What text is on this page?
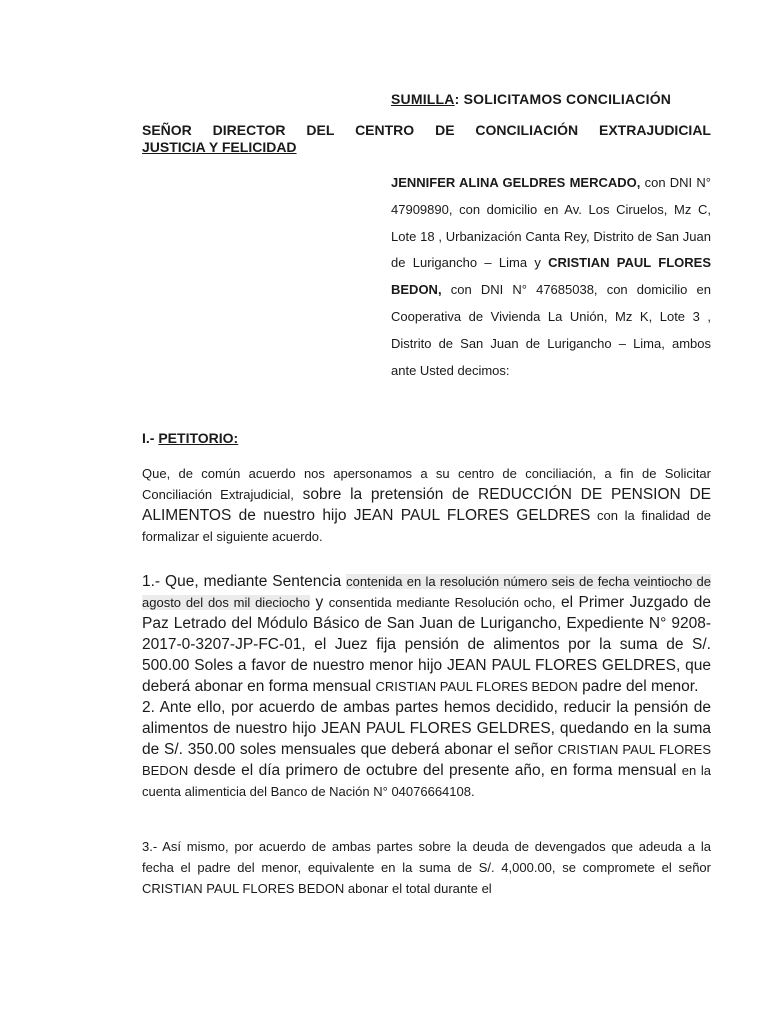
SUMILLA: SOLICITAMOS CONCILIACIÓN
SEÑOR DIRECTOR DEL CENTRO DE CONCILIACIÓN EXTRAJUDICIAL
JUSTICIA Y FELICIDAD
JENNIFER ALINA GELDRES MERCADO, con DNI N° 47909890, con domicilio en Av. Los Ciruelos, Mz C, Lote 18 , Urbanización Canta Rey, Distrito de San Juan de Lurigancho – Lima y CRISTIAN PAUL FLORES BEDON, con DNI N° 47685038, con domicilio en Cooperativa de Vivienda La Unión, Mz K, Lote 3 , Distrito de San Juan de Lurigancho – Lima, ambos ante Usted decimos:
I.- PETITORIO:
Que, de común acuerdo nos apersonamos a su centro de conciliación, a fin de Solicitar Conciliación Extrajudicial, sobre la pretensión de REDUCCIÓN DE PENSION DE ALIMENTOS de nuestro hijo JEAN PAUL FLORES GELDRES con la finalidad de formalizar el siguiente acuerdo.
1.- Que, mediante Sentencia contenida en la resolución número seis de fecha veintiocho de agosto del dos mil dieciocho y consentida mediante Resolución ocho, el Primer Juzgado de Paz Letrado del Módulo Básico de San Juan de Lurigancho, Expediente N° 9208-2017-0-3207-JP-FC-01, el Juez fija pensión de alimentos por la suma de S/. 500.00 Soles a favor de nuestro menor hijo JEAN PAUL FLORES GELDRES, que deberá abonar en forma mensual CRISTIAN PAUL FLORES BEDON padre del menor.
2. Ante ello, por acuerdo de ambas partes hemos decidido, reducir la pensión de alimentos de nuestro hijo JEAN PAUL FLORES GELDRES, quedando en la suma de S/. 350.00 soles mensuales que deberá abonar el señor CRISTIAN PAUL FLORES BEDON desde el día primero de octubre del presente año, en forma mensual en la cuenta alimenticia del Banco de Nación N° 04076664108.
3.- Así mismo, por acuerdo de ambas partes sobre la deuda de devengados que adeuda a la fecha el padre del menor, equivalente en la suma de S/. 4,000.00, se compromete el señor CRISTIAN PAUL FLORES BEDON abonar el total durante el
